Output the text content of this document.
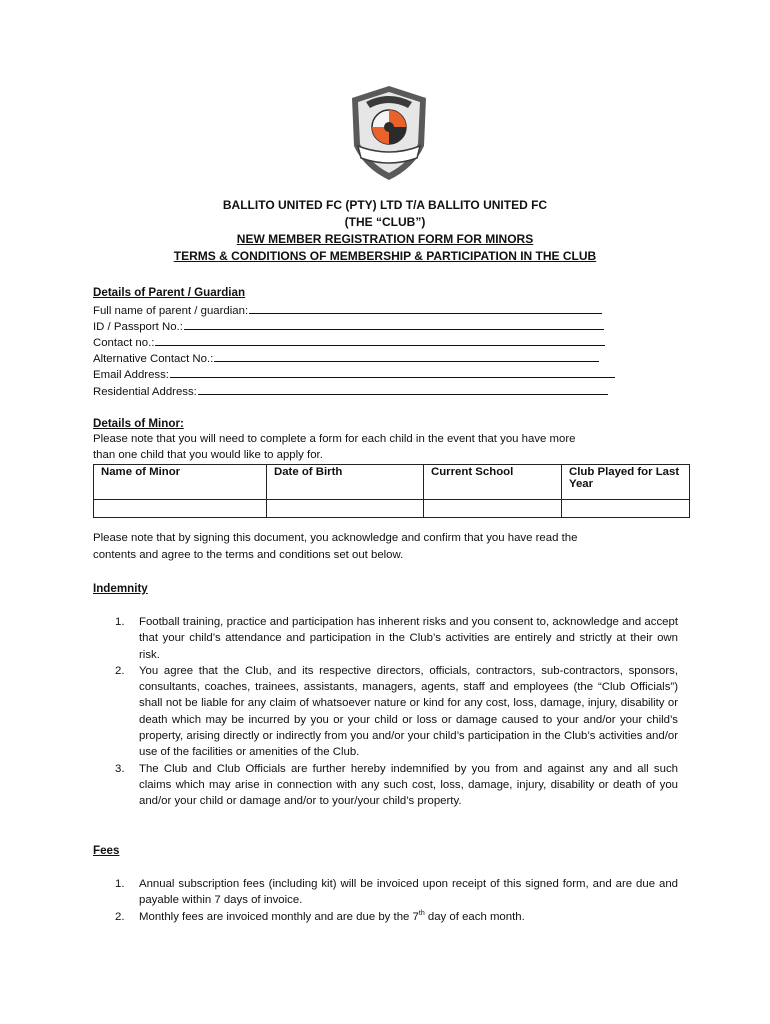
BALLITO UNITED FC (PTY) LTD T/A BALLITO UNITED FC
(THE “CLUB”)
NEW MEMBER REGISTRATION FORM FOR MINORS
TERMS & CONDITIONS OF MEMBERSHIP & PARTICIPATION IN THE CLUB
Details of Parent / Guardian
Full name of parent / guardian:
ID / Passport No.:
Contact no.:
Alternative Contact No.:
Email Address:
Residential Address:
Details of Minor:
Please note that you will need to complete a form for each child in the event that you have more
than one child that you would like to apply for.
Name of Minor	Date of Birth	Current School	Club Played for Last Year

Please note that by signing this document, you acknowledge and confirm that you have read the
contents and agree to the terms and conditions set out below.
Indemnity
1. Football training, practice and participation has inherent risks and you consent to, acknowledge and accept that your child’s attendance and participation in the Club’s activities are entirely and strictly at their own risk.
2. You agree that the Club, and its respective directors, officials, contractors, sub-contractors, sponsors, consultants, coaches, trainees, assistants, managers, agents, staff and employees (the “Club Officials”) shall not be liable for any claim of whatsoever nature or kind for any cost, loss, damage, injury, disability or death which may be incurred by you or your child or loss or damage caused to your and/or your child’s property, arising directly or indirectly from you and/or your child’s participation in the Club’s activities and/or use of the facilities or amenities of the Club.
3. The Club and Club Officials are further hereby indemnified by you from and against any and all such claims which may arise in connection with any such cost, loss, damage, injury, disability or death of you and/or your child or damage and/or to your/your child’s property.
Fees
1. Annual subscription fees (including kit) will be invoiced upon receipt of this signed form, and are due and payable within 7 days of invoice.
2. Monthly fees are invoiced monthly and are due by the 7th day of each month.
